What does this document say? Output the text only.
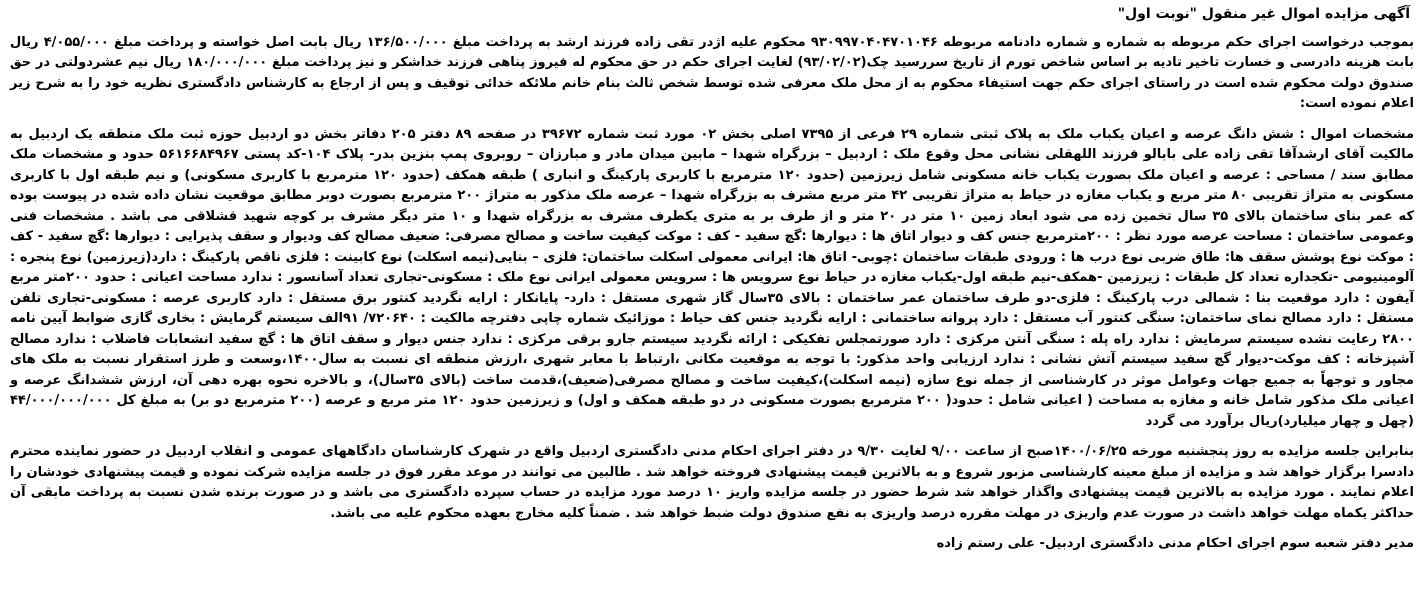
آگهی مزایده اموال غیر منقول "نوبت اول"

بموجب درخواست اجرای حکم مربوطه به شماره و شماره دادنامه مربوطه ۹۳۰۹۹۷۰۴۰۴۷۰۱۰۴۶ محکوم علیه اژدر تقی زاده فرزند ارشد به پرداخت مبلغ ۱۳۶/۵۰۰/۰۰۰ ریال بابت اصل خواسته و پرداخت مبلغ ۴/۰۵۵/۰۰۰ ریال بابت هزینه دادرسی و خسارت تاخیر تادیه بر اساس شاخص تورم از تاریخ سررسید چک(۹۳/۰۲/۰۲) لغایت اجرای حکم در حق محکوم له فیروز پناهی فرزند خداشکر و نیز پرداخت مبلغ ۱۸۰/۰۰۰/۰۰۰ ریال نیم عشردولتی در حق صندوق دولت محکوم شده است در راستای اجرای حکم جهت استیفاء محکوم به از محل ملک معرفی شده توسط شخص ثالث بنام خانم ملائکه خدائی توقیف و پس از ارجاع به کارشناس دادگستری نظریه خود را به شرح زیر اعلام نموده است:

مشخصات اموال : شش دانگ عرصه و اعیان یکباب ملک به پلاک ثبتی شماره ۲۹ فرعی از ۷۳۹۵ اصلی بخش ۰۲ مورد ثبت شماره ۳۹۶۷۲ در صفحه ۸۹ دفتر ۲۰۵ دفاتر بخش دو اردبیل حوزه ثبت ملک منطقه یک اردبیل به مالکیت آقای ارشدآقا تقی زاده علی بابالو فرزند اللهقلی نشانی محل وقوع ملک : اردبیل – بزرگراه شهدا – مابین میدان مادر و مبارزان – روبروی پمپ بنزین بدر- پلاک ۱۰۴-کد پستی ۵۶۱۶۶۸۴۹۶۷ حدود و مشخصات ملک مطابق سند / مساحی : عرصه و اعیان ملک بصورت یکباب خانه مسکونی شامل زیرزمین (حدود ۱۲۰ مترمربع با کاربری پارکینگ و انباری ) طبقه همکف (حدود ۱۲۰ مترمربع با کاربری مسکونی) و نیم طبقه اول با کاربری مسکونی به متراژ تقریبی ۸۰ متر مربع و یکباب مغازه در حیاط به متراژ تقریبی ۴۲ متر مربع مشرف به بزرگراه شهدا – عرصه ملک مذکور به متراژ ۲۰۰ مترمربع بصورت دوبر مطابق موقعیت نشان داده شده در پیوست بوده که عمر بنای ساختمان بالای ۳۵ سال تخمین زده می شود ابعاد زمین ۱۰ متر در ۲۰ متر و از طرف بر به متری یکطرف مشرف به بزرگراه شهدا و ۱۰ متر دیگر مشرف بر کوچه شهید قشلاقی می باشد . مشخصات فنی وعمومی ساختمان : مساحت عرصه مورد نظر : ۲۰۰مترمربع جنس کف و دیوار اتاق ها : دیوارها :گچ سفید - کف : موکت کیفیت ساخت و مصالح مصرفی: ضعیف مصالح کف ودیوار و سقف پذیرایی : دیوارها :گچ سفید - کف : موکت نوع پوشش سقف ها: طاق ضربی نوع درب ها : ورودی طبقات ساختمان :چوبی- اتاق ها: ایرانی معمولی اسکلت ساختمان: فلزی – بنایی(نیمه اسکلت) نوع کابینت : فلزی ناقص پارکینگ : دارد(زیرزمین) نوع پنجره : آلومینیومی -تکجداره تعداد کل طبقات : زیرزمین -همکف-نیم طبقه اول-یکباب مغازه در حیاط نوع سرویس ها : سرویس معمولی ایرانی نوع ملک : مسکونی-تجاری تعداد آسانسور : ندارد مساحت اعیانی : حدود ۲۰۰متر مربع آیفون : دارد موقعیت بنا : شمالی درب پارکینگ : فلزی-دو طرف ساختمان عمر ساختمان : بالای ۳۵سال گاز شهری مستقل : دارد- پایانکار : ارایه نگردید کنتور برق مستقل : دارد کاربری عرصه : مسکونی-تجاری تلفن مستقل : دارد مصالح نمای ساختمان: سنگی کنتور آب مستقل : دارد پروانه ساختمانی : ارایه نگردید جنس کف حیاط : موزائیک شماره چاپی دفترچه مالکیت : ۷۲۰۶۴۰/ ۹۱الف سیستم گرمایش : بخاری گازی ضوابط آیین نامه ۲۸۰۰ رعایت نشده سیستم سرمایش : ندارد راه پله : سنگی آنتن مرکزی : دارد صورتمجلس تفکیکی : ارائه نگردید سیستم جارو برقی مرکزی : ندارد جنس دیوار و سقف اتاق ها : گچ سفید انشعابات فاضلاب : ندارد مصالح آشپزخانه : کف موکت-دیوار گچ سفید سیستم آتش نشانی : ندارد ارزیابی واحد مذکور: با توجه به موقعیت مکانی ،ارتباط با معابر شهری ،ارزش منطقه ای نسبت به سال۱۴۰۰،وسعت و طرز استقرار نسبت به ملک های مجاور و توجهاً به جمیع جهات وعوامل موثر در کارشناسی از جمله نوع سازه (نیمه اسکلت)،کیفیت ساخت و مصالح مصرفی(ضعیف)،قدمت ساخت (بالای ۳۵سال)، و بالاخره نحوه بهره دهی آن، ارزش ششدانگ عرصه و اعیانی ملک مذکور شامل خانه و مغازه به مساحت ( اعیانی شامل : حدود( ۲۰۰ مترمربع بصورت مسکونی در دو طبقه همکف و اول) و زیرزمین حدود ۱۲۰ متر مربع و عرصه (۲۰۰ مترمربع دو بر) به مبلغ کل ۴۴/۰۰۰/۰۰۰/۰۰۰ (چهل و چهار میلیارد)ریال برآورد می گردد

بنابراین جلسه مزایده به روز پنجشنبه مورخه ۱۴۰۰/۰۶/۲۵صبح از ساعت ۹/۰۰ لغایت ۹/۳۰ در دفتر اجرای احکام مدنی دادگستری اردبیل واقع در شهرک کارشناسان دادگاههای عمومی و انقلاب اردبیل در حضور نماینده محترم دادسرا برگزار خواهد شد و مزایده از مبلغ معینه کارشناسی مزبور شروع و به بالاترین قیمت پیشنهادی فروخته خواهد شد . طالبین می توانند در موعد مقرر فوق در جلسه مزایده شرکت نموده و قیمت پیشنهادی خودشان را اعلام نمایند . مورد مزایده به بالاترین قیمت پیشنهادی واگذار خواهد شد شرط حضور در جلسه مزایده واریز ۱۰ درصد مورد مزایده در حساب سپرده دادگستری می باشد و در صورت برنده شدن نسبت به پرداخت مابقی آن حداکثر یکماه مهلت خواهد داشت در صورت عدم واریزی در مهلت مقرره درصد واریزی به نفع صندوق دولت ضبط خواهد شد . ضمناً کلیه مخارج بعهده محکوم علیه می باشد.

مدیر دفتر شعبه سوم اجرای احکام مدنی دادگستری اردبیل- علی رستم زاده
